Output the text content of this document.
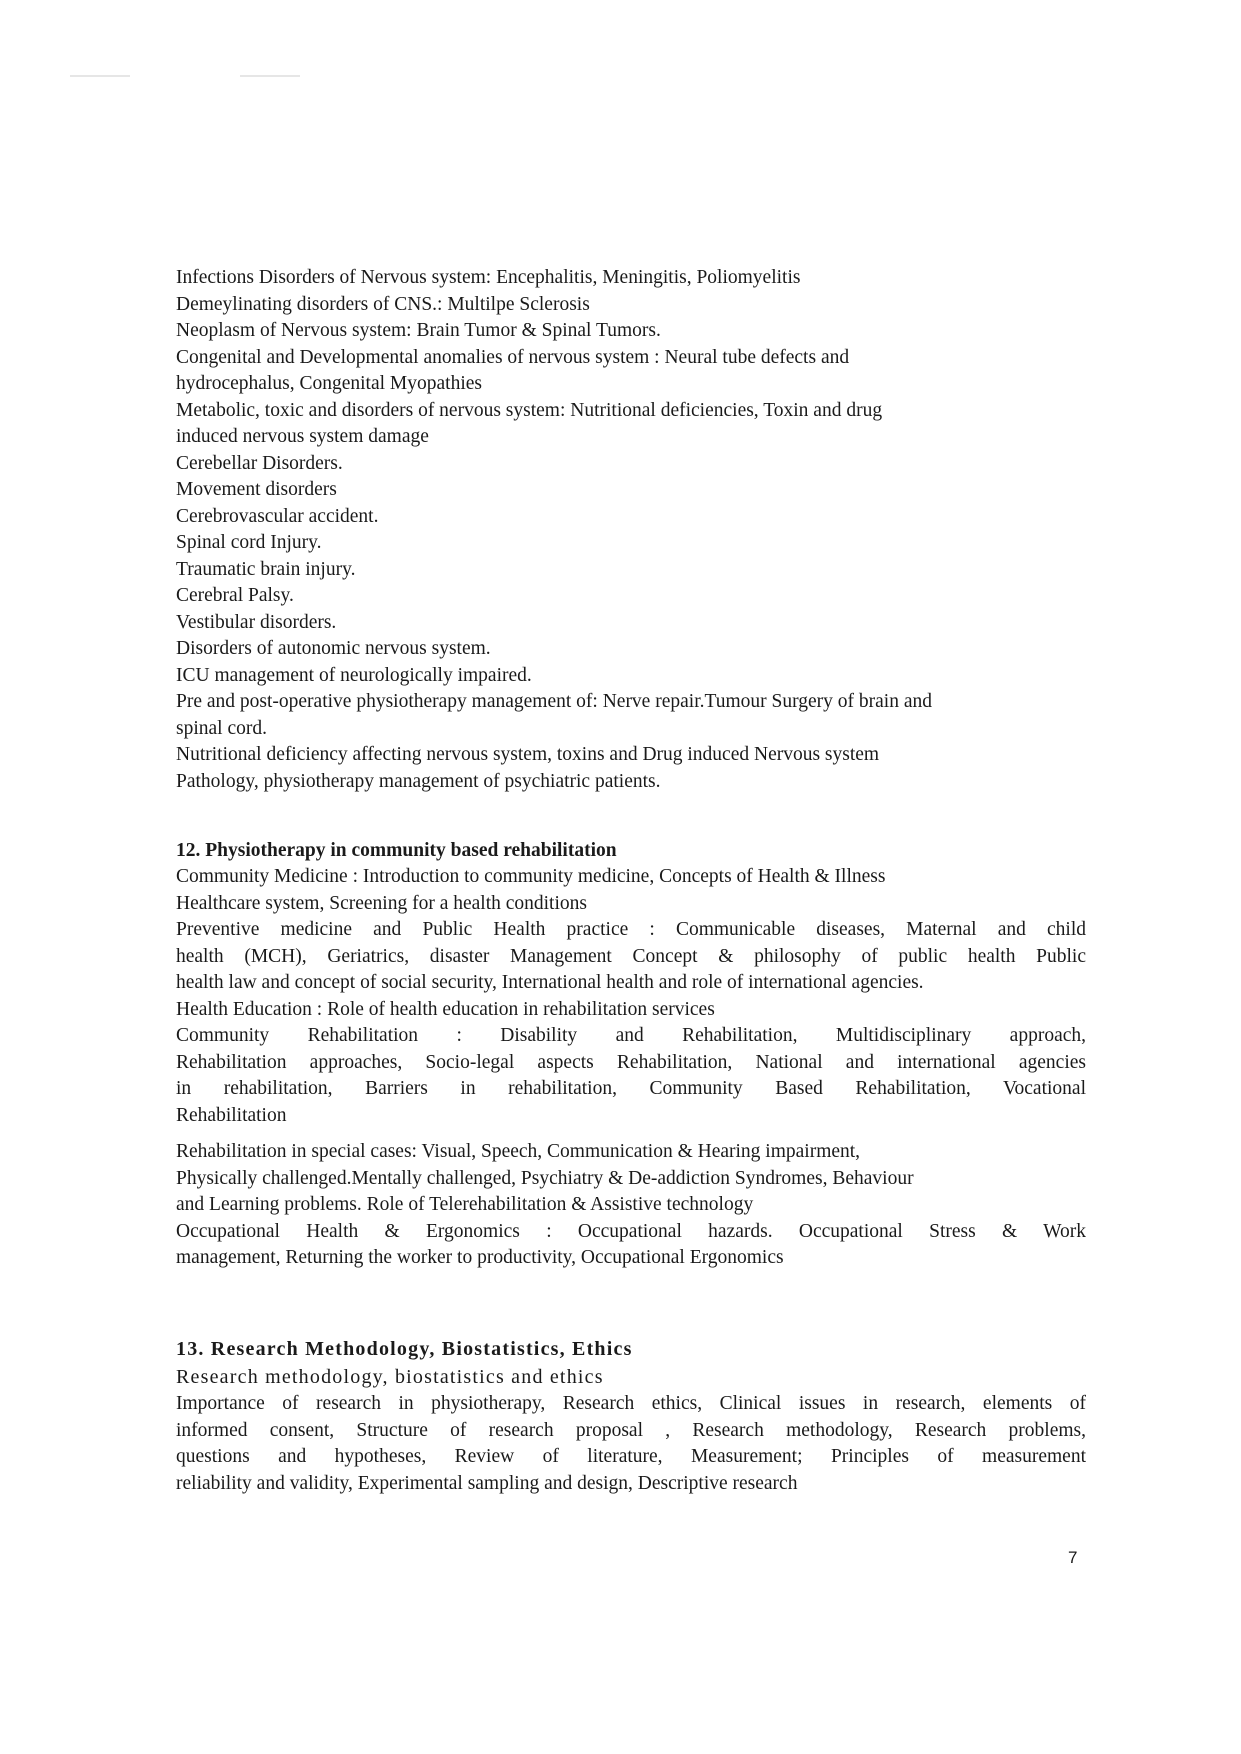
Infections Disorders of Nervous system: Encephalitis, Meningitis, Poliomyelitis
Demeylinating disorders of CNS.: Multilpe Sclerosis
Neoplasm of Nervous system: Brain Tumor & Spinal Tumors.
Congenital and Developmental anomalies of nervous system : Neural tube defects and
hydrocephalus, Congenital Myopathies
Metabolic, toxic and disorders of nervous system: Nutritional deficiencies, Toxin and drug
induced nervous system damage
Cerebellar Disorders.
Movement disorders
Cerebrovascular accident.
Spinal cord Injury.
Traumatic brain injury.
Cerebral Palsy.
Vestibular disorders.
Disorders of autonomic nervous system.
ICU management of neurologically impaired.
Pre and post-operative physiotherapy management of: Nerve repair.Tumour Surgery of brain and
spinal cord.
Nutritional deficiency affecting nervous system, toxins and Drug induced Nervous system
Pathology, physiotherapy management of psychiatric patients.
12. Physiotherapy in community based rehabilitation
Community Medicine : Introduction to community medicine, Concepts of Health & Illness
Healthcare system, Screening for a health conditions
Preventive medicine and Public Health practice : Communicable diseases, Maternal and child
health (MCH), Geriatrics, disaster Management Concept & philosophy of public health Public
health law and concept of social security, International health and role of international agencies.
Health Education : Role of health education in rehabilitation services
Community Rehabilitation : Disability and Rehabilitation, Multidisciplinary approach,
Rehabilitation approaches, Socio-legal aspects Rehabilitation, National and international agencies
in rehabilitation, Barriers in rehabilitation, Community Based Rehabilitation, Vocational
Rehabilitation
Rehabilitation in special cases: Visual, Speech, Communication & Hearing impairment,
Physically challenged.Mentally challenged, Psychiatry & De-addiction Syndromes, Behaviour
and Learning problems. Role of Telerehabilitation & Assistive technology
Occupational Health & Ergonomics : Occupational hazards. Occupational Stress & Work
management, Returning the worker to productivity, Occupational Ergonomics
13. Research Methodology, Biostatistics, Ethics
Research methodology, biostatistics and ethics
Importance of research in physiotherapy, Research ethics, Clinical issues in research, elements of
informed consent, Structure of research proposal , Research methodology, Research problems,
questions and hypotheses, Review of literature, Measurement; Principles of measurement
reliability and validity, Experimental sampling and design, Descriptive research
7
